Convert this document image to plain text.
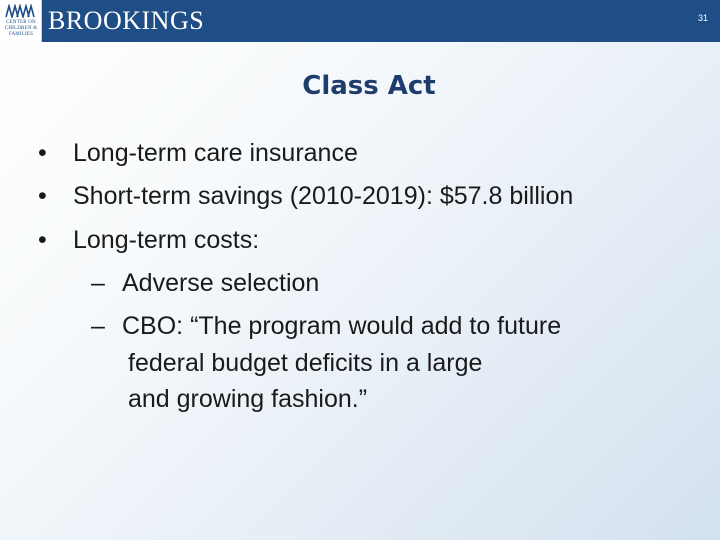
CENTER ON
CHILDREN &
FAMILIES BROOKINGS	31
Class Act
• Long-term care insurance
• Short-term savings (2010-2019): $57.8 billion
• Long-term costs:
– Adverse selection
– CBO: “The program would add to future
federal budget deficits in a large
and growing fashion.”
